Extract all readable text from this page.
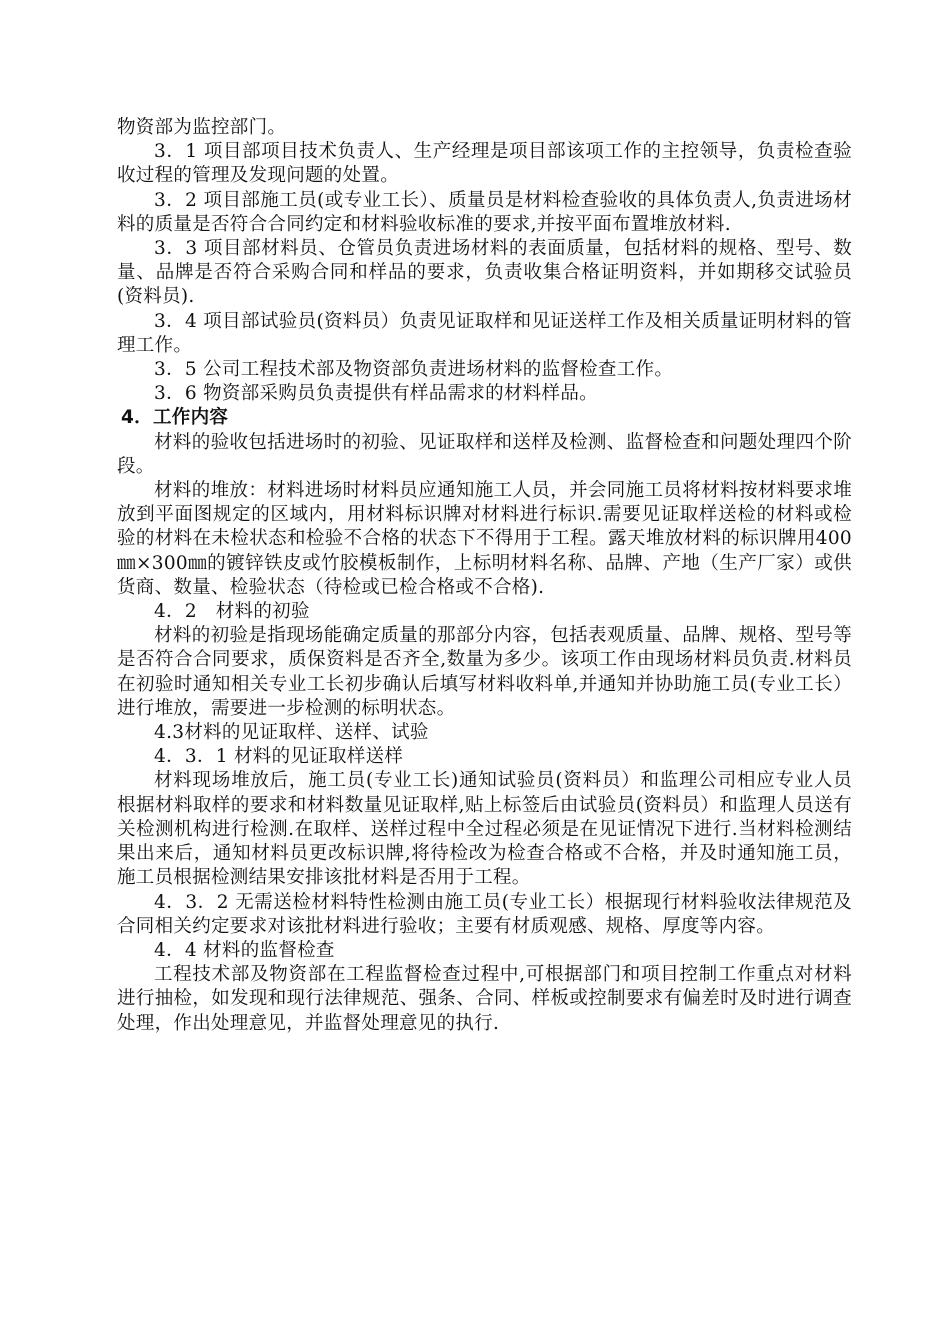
物资部为监控部门。

3．1 项目部项目技术负责人、生产经理是项目部该项工作的主控领导，负责检查验收过程的管理及发现问题的处置。

3．2 项目部施工员(或专业工长）、质量员是材料检查验收的具体负责人,负责进场材料的质量是否符合合同约定和材料验收标准的要求,并按平面布置堆放材料.

3．3 项目部材料员、仓管员负责进场材料的表面质量，包括材料的规格、型号、数量、品牌是否符合采购合同和样品的要求，负责收集合格证明资料，并如期移交试验员(资料员).

3．4 项目部试验员(资料员）负责见证取样和见证送样工作及相关质量证明材料的管理工作。

3．5 公司工程技术部及物资部负责进场材料的监督检查工作。

3．6 物资部采购员负责提供有样品需求的材料样品。

4．工作内容

材料的验收包括进场时的初验、见证取样和送样及检测、监督检查和问题处理四个阶段。

材料的堆放：材料进场时材料员应通知施工人员，并会同施工员将材料按材料要求堆放到平面图规定的区域内，用材料标识牌对材料进行标识.需要见证取样送检的材料或检验的材料在未检状态和检验不合格的状态下不得用于工程。露天堆放材料的标识牌用400㎜×300㎜的镀锌铁皮或竹胶模板制作，上标明材料名称、品牌、产地（生产厂家）或供货商、数量、检验状态（待检或已检合格或不合格).

4．2　材料的初验

材料的初验是指现场能确定质量的那部分内容，包括表观质量、品牌、规格、型号等是否符合合同要求，质保资料是否齐全,数量为多少。该项工作由现场材料员负责.材料员在初验时通知相关专业工长初步确认后填写材料收料单,并通知并协助施工员(专业工长）进行堆放，需要进一步检测的标明状态。

4.3材料的见证取样、送样、试验

4．3．1 材料的见证取样送样

材料现场堆放后，施工员(专业工长)通知试验员(资料员）和监理公司相应专业人员根据材料取样的要求和材料数量见证取样,贴上标签后由试验员(资料员）和监理人员送有关检测机构进行检测.在取样、送样过程中全过程必须是在见证情况下进行.当材料检测结果出来后，通知材料员更改标识牌,将待检改为检查合格或不合格，并及时通知施工员，施工员根据检测结果安排该批材料是否用于工程。

4．3．2 无需送检材料特性检测由施工员(专业工长）根据现行材料验收法律规范及合同相关约定要求对该批材料进行验收；主要有材质观感、规格、厚度等内容。

4．4 材料的监督检查

工程技术部及物资部在工程监督检查过程中,可根据部门和项目控制工作重点对材料进行抽检，如发现和现行法律规范、强条、合同、样板或控制要求有偏差时及时进行调查处理，作出处理意见，并监督处理意见的执行.
